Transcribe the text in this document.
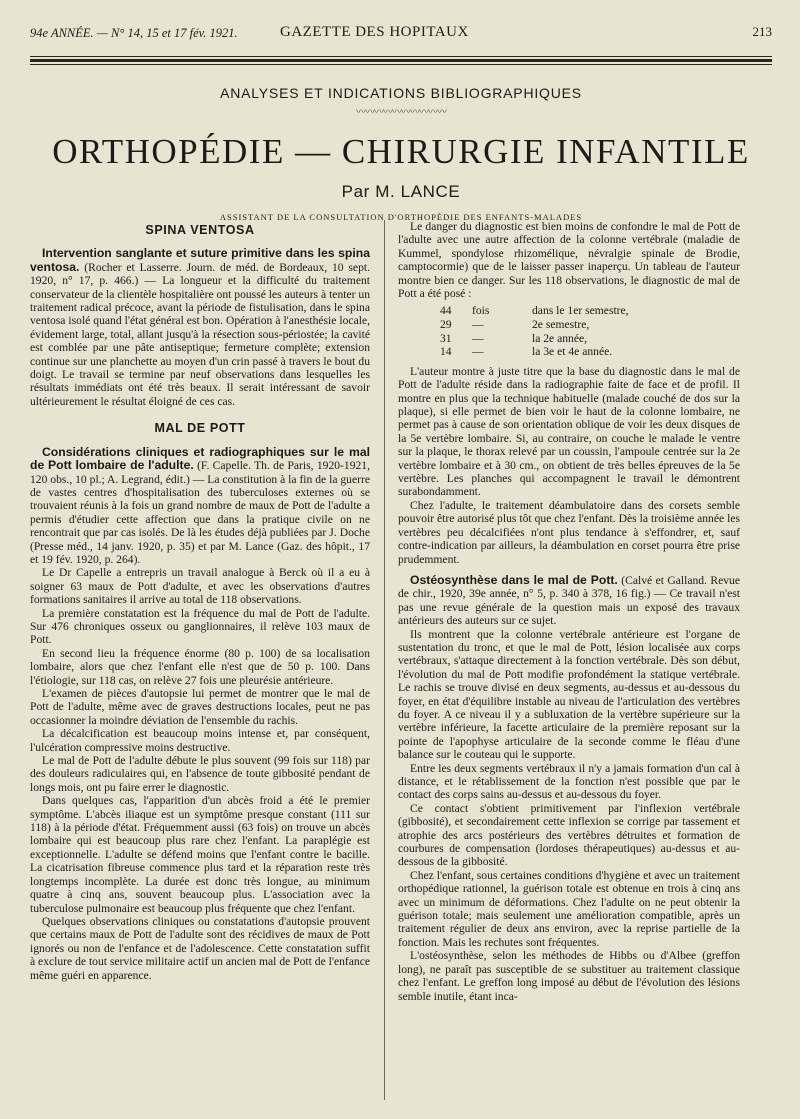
94e ANNÉE. — N° 14, 15 et 17 fév. 1921.	GAZETTE DES HOPITAUX	213
ANALYSES ET INDICATIONS BIBLIOGRAPHIQUES
〰〰〰〰〰〰〰〰〰〰
ORTHOPÉDIE — CHIRURGIE INFANTILE
Par M. LANCE
ASSISTANT DE LA CONSULTATION D'ORTHOPÉDIE DES ENFANTS-MALADES
SPINA VENTOSA

Intervention sanglante et suture primitive dans les spina ventosa. (Rocher et Lasserre. Journ. de méd. de Bordeaux, 10 sept. 1920, n° 17, p. 466.) — La longueur et la difficulté du traitement conservateur de la clientèle hospitalière ont poussé les auteurs à tenter un traitement radical précoce, avant la période de fistulisation, dans le spina ventosa isolé quand l'état général est bon. Opération à l'anesthésie locale, évidement large, total, allant jusqu'à la résection sous-périostée; la cavité est comblée par une pâte antiseptique; fermeture complète; extension continue sur une planchette au moyen d'un crin passé à travers le bout du doigt. Le travail se termine par neuf observations dans lesquelles les résultats immédiats ont été très beaux. Il serait intéressant de savoir ultérieurement le résultat éloigné de ces cas.

MAL DE POTT

Considérations cliniques et radiographiques sur le mal de Pott lombaire de l'adulte. (F. Capelle. Th. de Paris, 1920-1921, 120 obs., 10 pl.; A. Legrand, édit.) — La constitution à la fin de la guerre de vastes centres d'hospitalisation des tuberculoses externes où se trouvaient réunis à la fois un grand nombre de maux de Pott de l'adulte a permis d'étudier cette affection que dans la pratique civile on ne rencontrait que par cas isolés. De là les études déjà publiées par J. Doche (Presse méd., 14 janv. 1920, p. 35) et par M. Lance (Gaz. des hôpit., 17 et 19 fév. 1920, p. 264).

Le Dr Capelle a entrepris un travail analogue à Berck où il a eu à soigner 63 maux de Pott d'adulte, et avec les observations d'autres formations sanitaires il arrive au total de 118 observations.

La première constatation est la fréquence du mal de Pott de l'adulte. Sur 476 chroniques osseux ou ganglionnaires, il relève 103 maux de Pott.

En second lieu la fréquence énorme (80 p. 100) de sa localisation lombaire, alors que chez l'enfant elle n'est que de 50 p. 100. Dans l'étiologie, sur 118 cas, on relève 27 fois une pleurésie antérieure.

L'examen de pièces d'autopsie lui permet de montrer que le mal de Pott de l'adulte, même avec de graves destructions locales, peut ne pas occasionner la moindre déviation de l'ensemble du rachis.

La décalcification est beaucoup moins intense et, par conséquent, l'ulcération compressive moins destructive.

Le mal de Pott de l'adulte débute le plus souvent (99 fois sur 118) par des douleurs radiculaires qui, en l'absence de toute gibbosité pendant de longs mois, ont pu faire errer le diagnostic.

Dans quelques cas, l'apparition d'un abcès froid a été le premier symptôme. L'abcès iliaque est un symptôme presque constant (111 sur 118) à la période d'état. Fréquemment aussi (63 fois) on trouve un abcès lombaire qui est beaucoup plus rare chez l'enfant. La paraplégie est exceptionnelle. L'adulte se défend moins que l'enfant contre le bacille. La cicatrisation fibreuse commence plus tard et la réparation reste très longtemps incomplète. La durée est donc très longue, au minimum quatre à cinq ans, souvent beaucoup plus. L'association avec la tuberculose pulmonaire est beaucoup plus fréquente que chez l'enfant.

Quelques observations cliniques ou constatations d'autopsie prouvent que certains maux de Pott de l'adulte sont des récidives de maux de Pott ignorés ou non de l'enfance et de l'adolescence. Cette constatation suffit à exclure de tout service militaire actif un ancien mal de Pott de l'enfance même guéri en apparence.

Le danger du diagnostic est bien moins de confondre le mal de Pott de l'adulte avec une autre affection de la colonne vertébrale (maladie de Kummel, spondylose rhizomélique, névralgie spinale de Brodie, camptocormie) que de le laisser passer inaperçu. Un tableau de l'auteur montre bien ce danger. Sur les 118 observations, le diagnostic de mal de Pott a été posé :

44	fois	dans le 1er semestre,
29	—	2e semestre,
31	—	la 2e année,
14	—	la 3e et 4e année.

L'auteur montre à juste titre que la base du diagnostic dans le mal de Pott de l'adulte réside dans la radiographie faite de face et de profil. Il montre en plus que la technique habituelle (malade couché de dos sur la plaque), si elle permet de bien voir le haut de la colonne lombaire, ne permet pas à cause de son orientation oblique de voir les deux disques de la 5e vertèbre lombaire. Si, au contraire, on couche le malade le ventre sur la plaque, le thorax relevé par un coussin, l'ampoule centrée sur la 2e vertèbre lombaire et à 30 cm., on obtient de très belles épreuves de la 5e vertèbre. Les planches qui accompagnent le travail le démontrent surabondamment.

Chez l'adulte, le traitement déambulatoire dans des corsets semble pouvoir être autorisé plus tôt que chez l'enfant. Dès la troisième année les vertèbres peu décalcifiées n'ont plus tendance à s'effondrer, et, sauf contre-indication par ailleurs, la déambulation en corset pourra être prise prudemment.

Ostéosynthèse dans le mal de Pott. (Calvé et Galland. Revue de chir., 1920, 39e année, n° 5, p. 340 à 378, 16 fig.) — Ce travail n'est pas une revue générale de la question mais un exposé des travaux antérieurs des auteurs sur ce sujet.

Ils montrent que la colonne vertébrale antérieure est l'organe de sustentation du tronc, et que le mal de Pott, lésion localisée aux corps vertébraux, s'attaque directement à la fonction vertébrale. Dès son début, l'évolution du mal de Pott modifie profondément la statique vertébrale. Le rachis se trouve divisé en deux segments, au-dessus et au-dessous du foyer, en état d'équilibre instable au niveau de l'articulation des vertèbres du foyer. A ce niveau il y a subluxation de la vertèbre supérieure sur la vertèbre inférieure, la facette articulaire de la première reposant sur la pointe de l'apophyse articulaire de la seconde comme le fléau d'une balance sur le couteau qui le supporte.

Entre les deux segments vertébraux il n'y a jamais formation d'un cal à distance, et le rétablissement de la fonction n'est possible que par le contact des corps sains au-dessus et au-dessous du foyer.

Ce contact s'obtient primitivement par l'inflexion vertébrale (gibbosité), et secondairement cette inflexion se corrige par tassement et atrophie des arcs postérieurs des vertèbres détruites et formation de courbures de compensation (lordoses thérapeutiques) au-dessus et au-dessous de la gibbosité.

Chez l'enfant, sous certaines conditions d'hygiène et avec un traitement orthopédique rationnel, la guérison totale est obtenue en trois à cinq ans avec un minimum de déformations. Chez l'adulte on ne peut obtenir la guérison totale; mais seulement une amélioration compatible, après un traitement régulier de deux ans environ, avec la reprise partielle de la fonction. Mais les rechutes sont fréquentes.

L'ostéosynthèse, selon les méthodes de Hibbs ou d'Albee (greffon long), ne paraît pas susceptible de se substituer au traitement classique chez l'enfant. Le greffon long imposé au début de l'évolution des lésions semble inutile, étant inca-
